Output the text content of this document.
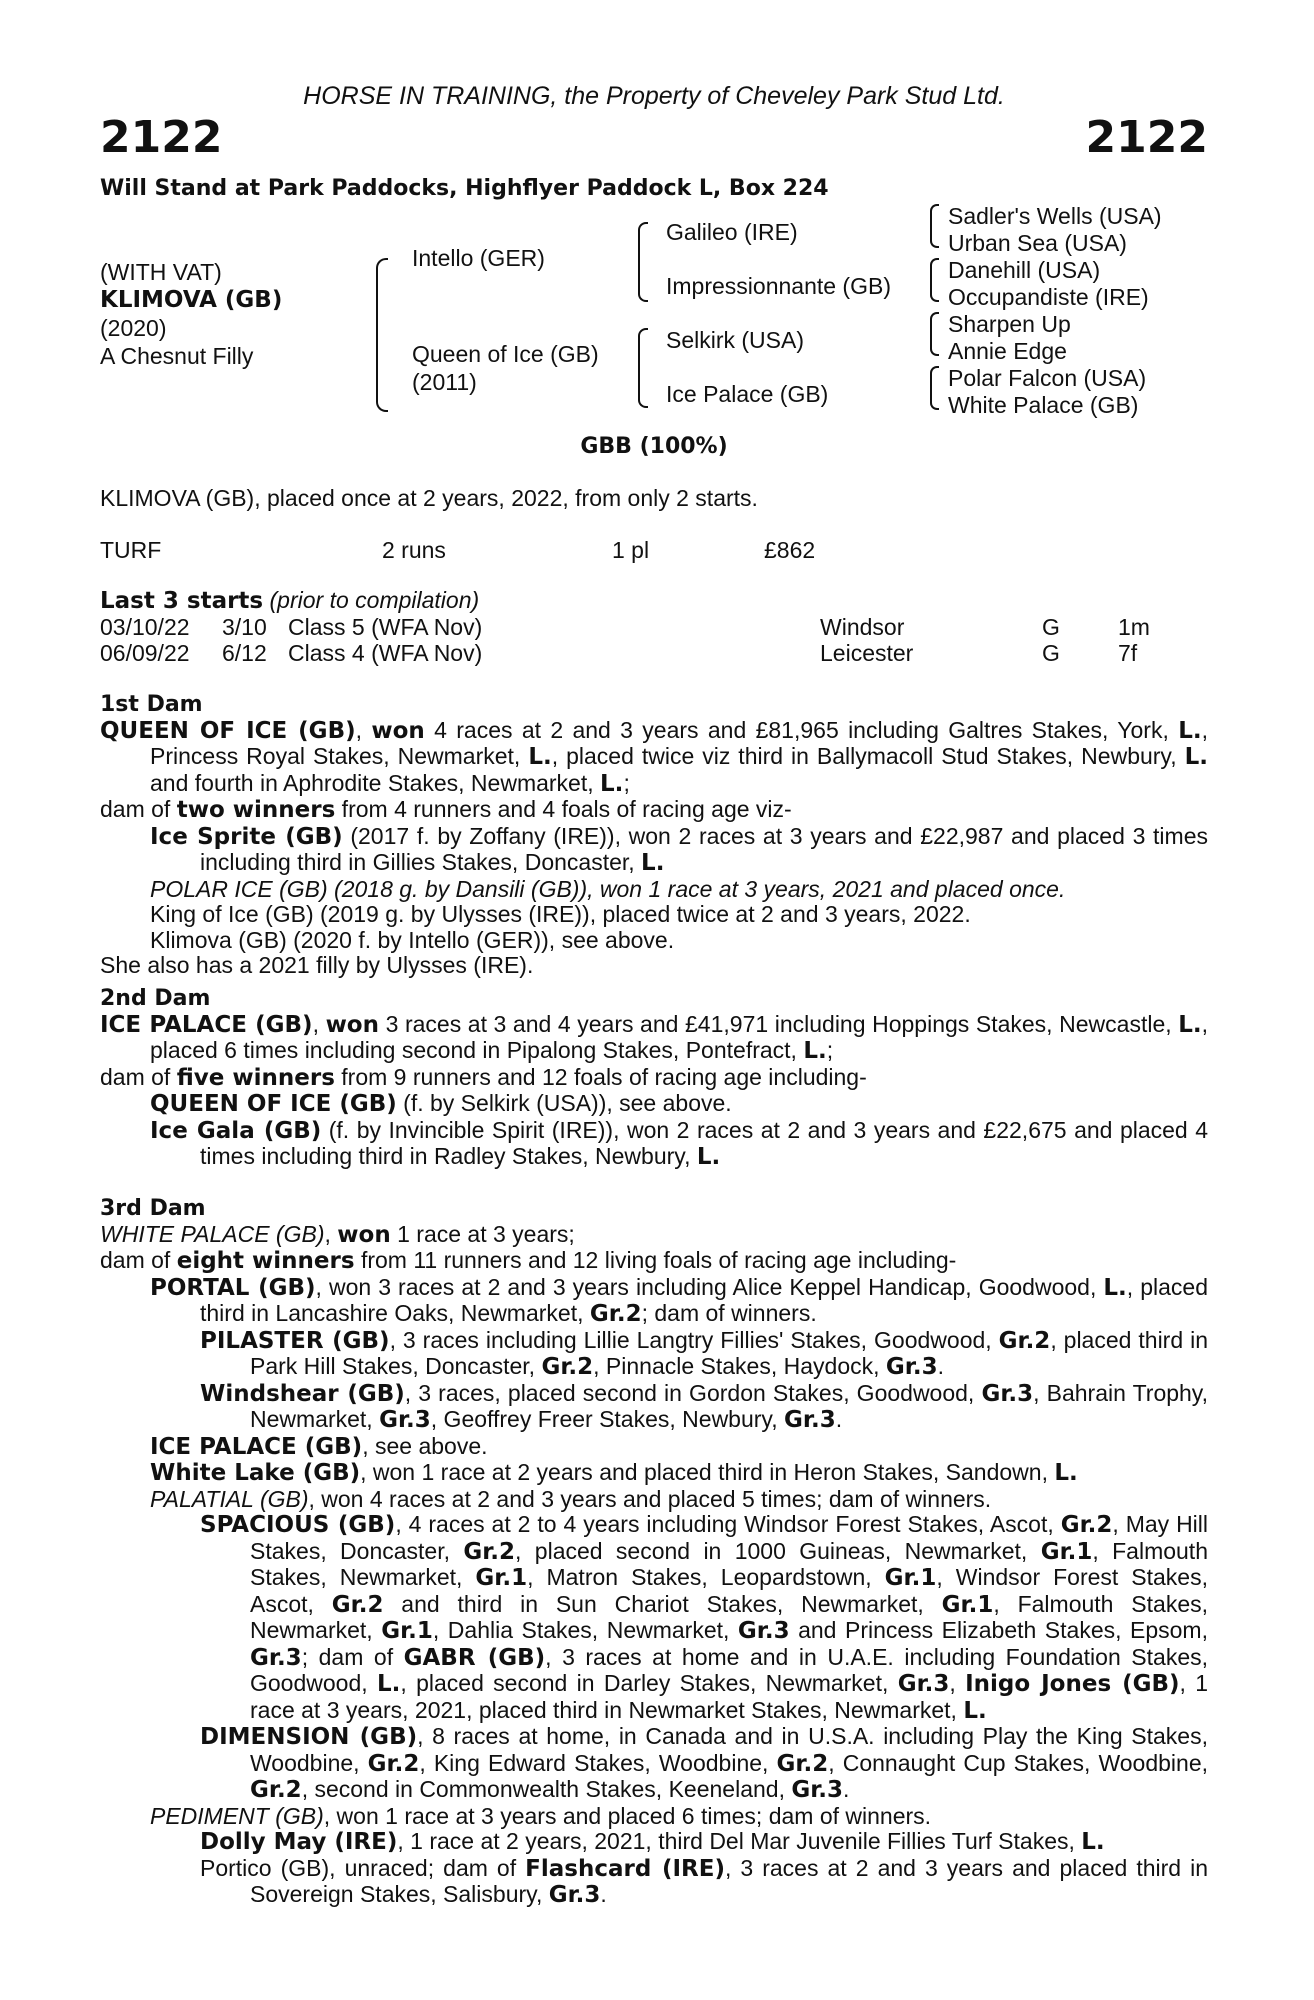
HORSE IN TRAINING, the Property of Cheveley Park Stud Ltd.
2122	2122
Will Stand at Park Paddocks, Highflyer Paddock L, Box 224
(WITH VAT)
KLIMOVA (GB)
(2020)
A Chesnut Filly
Intello (GER)
Queen of Ice (GB)
(2011)
Galileo (IRE)
Impressionnante (GB)
Selkirk (USA)
Ice Palace (GB)
Sadler's Wells (USA)
Urban Sea (USA)
Danehill (USA)
Occupandiste (IRE)
Sharpen Up
Annie Edge
Polar Falcon (USA)
White Palace (GB)
GBB (100%)
KLIMOVA (GB), placed once at 2 years, 2022, from only 2 starts.
TURF	2 runs	1 pl	£862
Last 3 starts (prior to compilation)
03/10/22 3/10 Class 5 (WFA Nov)	Windsor	G	1m
06/09/22 6/12 Class 4 (WFA Nov)	Leicester	G	7f
1st Dam
QUEEN OF ICE (GB), won 4 races at 2 and 3 years and £81,965 including Galtres Stakes, York, L., Princess Royal Stakes, Newmarket, L., placed twice viz third in Ballymacoll Stud Stakes, Newbury, L. and fourth in Aphrodite Stakes, Newmarket, L.;
dam of two winners from 4 runners and 4 foals of racing age viz-
Ice Sprite (GB) (2017 f. by Zoffany (IRE)), won 2 races at 3 years and £22,987 and placed 3 times including third in Gillies Stakes, Doncaster, L.
POLAR ICE (GB) (2018 g. by Dansili (GB)), won 1 race at 3 years, 2021 and placed once.
King of Ice (GB) (2019 g. by Ulysses (IRE)), placed twice at 2 and 3 years, 2022.
Klimova (GB) (2020 f. by Intello (GER)), see above.
She also has a 2021 filly by Ulysses (IRE).
2nd Dam
ICE PALACE (GB), won 3 races at 3 and 4 years and £41,971 including Hoppings Stakes, Newcastle, L., placed 6 times including second in Pipalong Stakes, Pontefract, L.;
dam of five winners from 9 runners and 12 foals of racing age including-
QUEEN OF ICE (GB) (f. by Selkirk (USA)), see above.
Ice Gala (GB) (f. by Invincible Spirit (IRE)), won 2 races at 2 and 3 years and £22,675 and placed 4 times including third in Radley Stakes, Newbury, L.
3rd Dam
WHITE PALACE (GB), won 1 race at 3 years;
dam of eight winners from 11 runners and 12 living foals of racing age including-
PORTAL (GB), won 3 races at 2 and 3 years including Alice Keppel Handicap, Goodwood, L., placed third in Lancashire Oaks, Newmarket, Gr.2; dam of winners.
PILASTER (GB), 3 races including Lillie Langtry Fillies' Stakes, Goodwood, Gr.2, placed third in Park Hill Stakes, Doncaster, Gr.2, Pinnacle Stakes, Haydock, Gr.3.
Windshear (GB), 3 races, placed second in Gordon Stakes, Goodwood, Gr.3, Bahrain Trophy, Newmarket, Gr.3, Geoffrey Freer Stakes, Newbury, Gr.3.
ICE PALACE (GB), see above.
White Lake (GB), won 1 race at 2 years and placed third in Heron Stakes, Sandown, L.
PALATIAL (GB), won 4 races at 2 and 3 years and placed 5 times; dam of winners.
SPACIOUS (GB), 4 races at 2 to 4 years including Windsor Forest Stakes, Ascot, Gr.2, May Hill Stakes, Doncaster, Gr.2, placed second in 1000 Guineas, Newmarket, Gr.1, Falmouth Stakes, Newmarket, Gr.1, Matron Stakes, Leopardstown, Gr.1, Windsor Forest Stakes, Ascot, Gr.2 and third in Sun Chariot Stakes, Newmarket, Gr.1, Falmouth Stakes, Newmarket, Gr.1, Dahlia Stakes, Newmarket, Gr.3 and Princess Elizabeth Stakes, Epsom, Gr.3; dam of GABR (GB), 3 races at home and in U.A.E. including Foundation Stakes, Goodwood, L., placed second in Darley Stakes, Newmarket, Gr.3, Inigo Jones (GB), 1 race at 3 years, 2021, placed third in Newmarket Stakes, Newmarket, L.
DIMENSION (GB), 8 races at home, in Canada and in U.S.A. including Play the King Stakes, Woodbine, Gr.2, King Edward Stakes, Woodbine, Gr.2, Connaught Cup Stakes, Woodbine, Gr.2, second in Commonwealth Stakes, Keeneland, Gr.3.
PEDIMENT (GB), won 1 race at 3 years and placed 6 times; dam of winners.
Dolly May (IRE), 1 race at 2 years, 2021, third Del Mar Juvenile Fillies Turf Stakes, L.
Portico (GB), unraced; dam of Flashcard (IRE), 3 races at 2 and 3 years and placed third in Sovereign Stakes, Salisbury, Gr.3.
